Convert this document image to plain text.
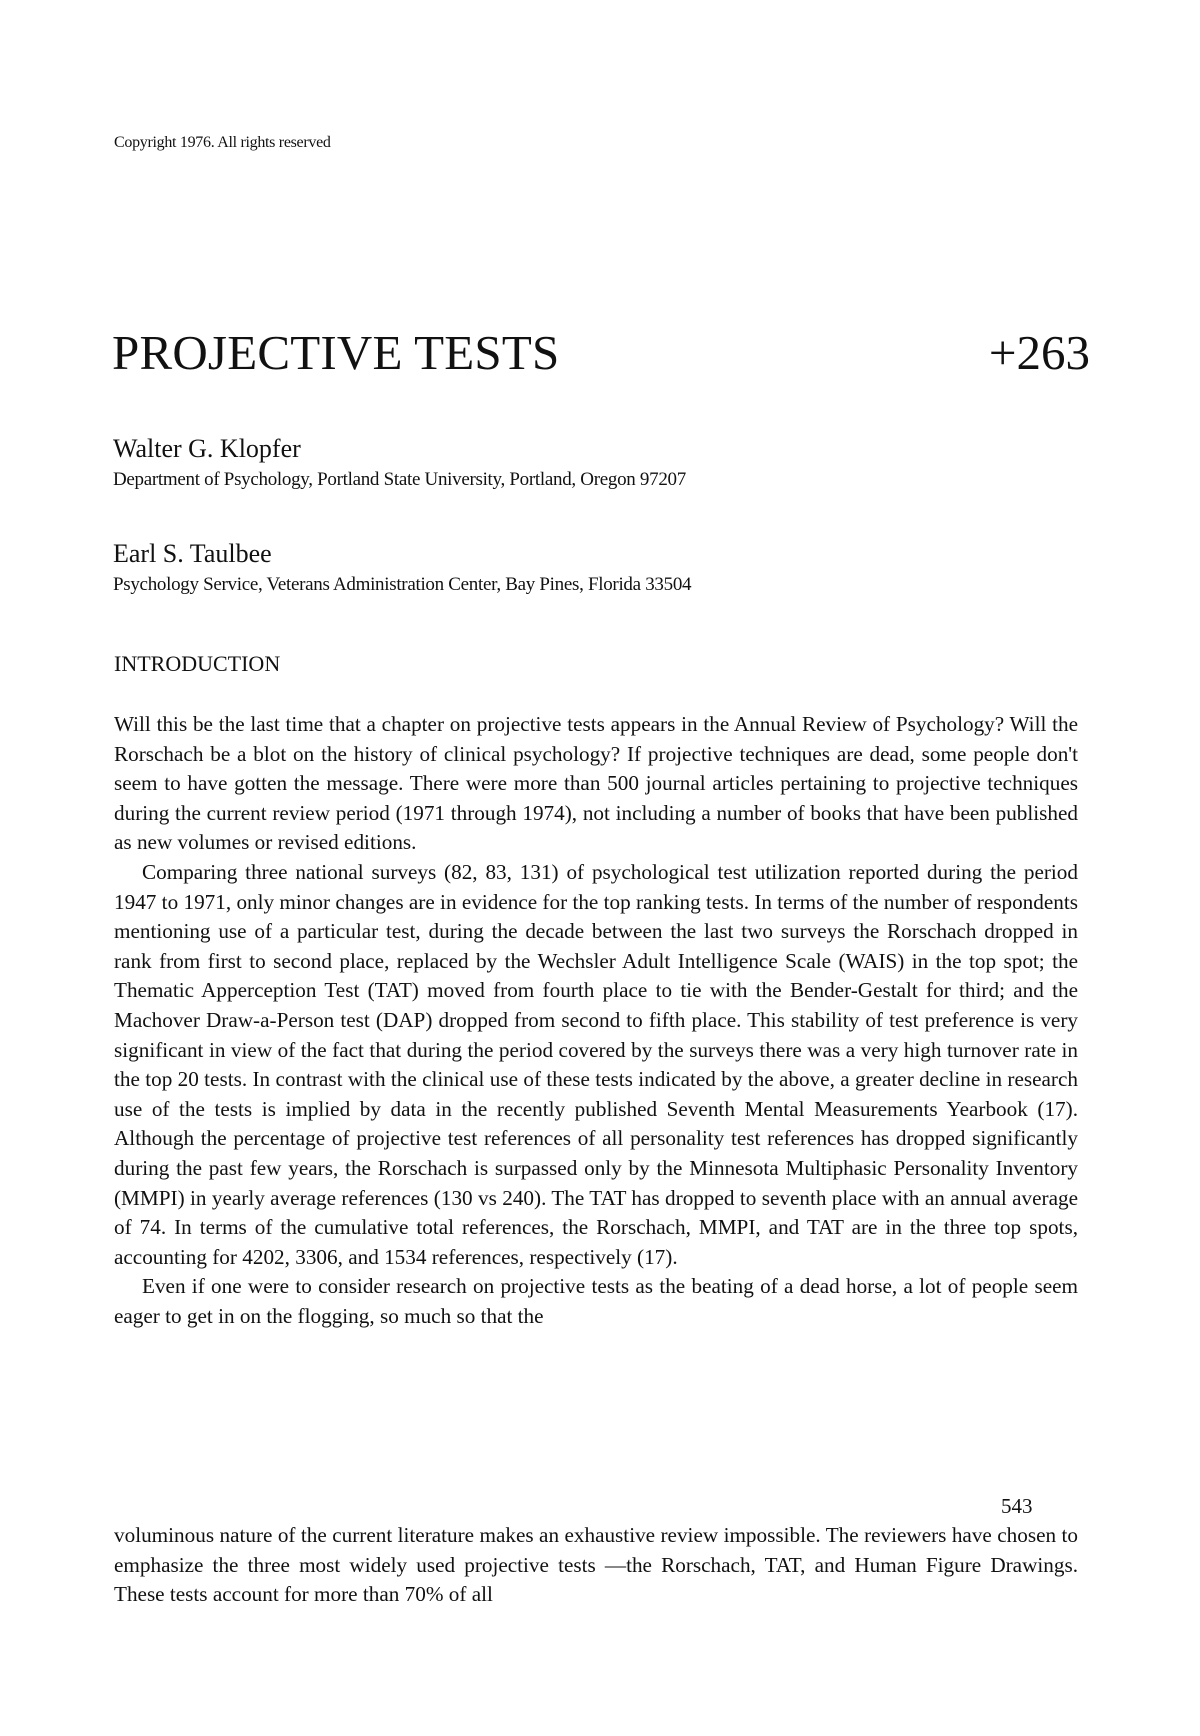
Copyright 1976. All rights reserved
PROJECTIVE TESTS	+263
Walter G. Klopfer
Department of Psychology, Portland State University, Portland, Oregon 97207
Earl S. Taulbee
Psychology Service, Veterans Administration Center, Bay Pines, Florida 33504
INTRODUCTION

Will this be the last time that a chapter on projective tests appears in the Annual Review of Psychology? Will the Rorschach be a blot on the history of clinical psychology? If projective techniques are dead, some people don't seem to have gotten the message. There were more than 500 journal articles pertaining to projective techniques during the current review period (1971 through 1974), not including a number of books that have been published as new volumes or revised editions.

Comparing three national surveys (82, 83, 131) of psychological test utilization reported during the period 1947 to 1971, only minor changes are in evidence for the top ranking tests. In terms of the number of respondents mentioning use of a particular test, during the decade between the last two surveys the Rorschach dropped in rank from first to second place, replaced by the Wechsler Adult Intelligence Scale (WAIS) in the top spot; the Thematic Apperception Test (TAT) moved from fourth place to tie with the Bender-Gestalt for third; and the Machover Draw-a-Person test (DAP) dropped from second to fifth place. This stability of test preference is very significant in view of the fact that during the period covered by the surveys there was a very high turnover rate in the top 20 tests. In contrast with the clinical use of these tests indicated by the above, a greater decline in research use of the tests is implied by data in the recently published Seventh Mental Measurements Yearbook (17). Although the percentage of projective test references of all personality test references has dropped significantly during the past few years, the Rorschach is surpassed only by the Minnesota Multiphasic Personality Inventory (MMPI) in yearly average references (130 vs 240). The TAT has dropped to seventh place with an annual average of 74. In terms of the cumulative total references, the Rorschach, MMPI, and TAT are in the three top spots, accounting for 4202, 3306, and 1534 references, respectively (17).

Even if one were to consider research on projective tests as the beating of a dead horse, a lot of people seem eager to get in on the flogging, so much so that the

543

voluminous nature of the current literature makes an exhaustive review impossible. The reviewers have chosen to emphasize the three most widely used projective tests —the Rorschach, TAT, and Human Figure Drawings. These tests account for more than 70% of all
